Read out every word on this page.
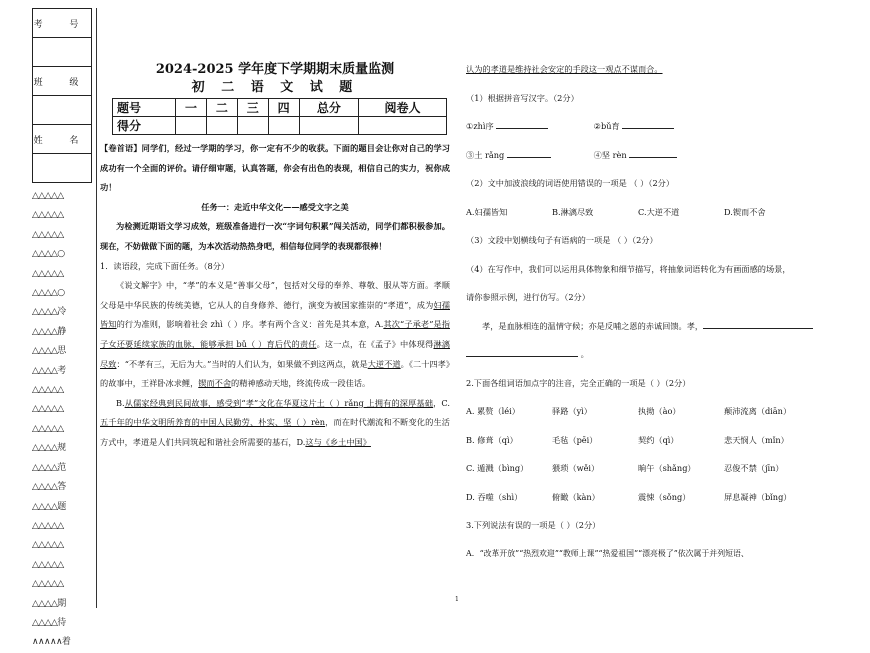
考 号

班 级

姓 名

△△△△△
△△△△△
△△△△△
△△△△○
△△△△△
△△△△○
△△△△冷
△△△△静
△△△△思
△△△△考
△△△△△
△△△△△
△△△△△
△△△△规
△△△△范
△△△△答
△△△△题
△△△△△
△△△△△
△△△△△
△△△△△
△△△△期
△△△△待
∧∧∧∧∧着
2024-2025 学年度下学期期末质量监测
初 二 语 文 试 题
题号	一	二	三	四	总分	阅卷人
得分						

【卷首语】同学们，经过一学期的学习，你一定有不少的收获。下面的题目会让你对自己的学习成功有一个全面的评价。请仔细审题，认真答题，你会有出色的表现，相信自己的实力，祝你成功！

任务一：走近中华文化——感受文字之美

为检测近期语文学习成效，班级准备进行一次“字词句积累”闯关活动，同学们都积极参加。现在，不妨做做下面的题，为本次活动热热身吧，相信每位同学的表现都很棒！

1．读语段，完成下面任务。（8分）

《说文解字》中，“孝”的本义是“善事父母”，包括对父母的奉养、尊敬、服从等方面。孝顺父母是中华民族的传统美德，它从人的自身修养、德行，演变为被国家推崇的“孝道”，成为妇孺皆知的行为准则，影响着社会 zhì（ ）序。孝有两个含义：首先是其本意，A.其次“子承老”是指子女还要延续家族的血脉，能够承担 bǔ（ ）育后代的责任。这一点，在《孟子》中体现得淋漓尽致：“不孝有三，无后为大。”当时的人们认为，如果做不到这两点，就是大逆不道。《二十四孝》的故事中，王祥卧冰求鲤，锲而不舍的精神感动天地，终流传成一段佳话。

B.从儒家经典到民间故事，感受到“孝”文化在华夏这片土（ ）rǎng 上拥有的深厚基础，C.五千年的中华文明所养育的中国人民勤劳、朴实、坚（ ）rèn，而在时代潮流和不断变化的生活方式中，孝道是人们共同筑起和谐社会所需要的基石，D.这与《乡土中国》

认为的孝道是维持社会安定的手段这一观点不谋而合。

（1）根据拼音写汉字。（2分）

①zhì序	②bǔ育

③土 rǎng	④坚 rèn

（2）文中加波浪线的词语使用错误的一项是 （ ）（2分）

A.妇孺皆知	B.淋漓尽致	C.大逆不道	D.锲而不舍

（3）文段中划横线句子有语病的一项是 （ ）（2分）

（4）在写作中，我们可以运用具体物象和细节描写，将抽象词语转化为有画面感的场景，

请你参照示例，进行仿写。（2分）

孝，是血脉相连的温情守候；亦是反哺之恩的赤诚回馈。孝，

。

2.下面各组词语加点字的注音，完全正确的一项是（ ）（2分）

A. 累赘（léi）	驿路（yì）	执拗（ào）	颠沛流离（diān）

B. 修葺（qì）	毛毡（pēi）	契约（qì）	悲天悯人（mǐn）

C. 遁溅（bìng）	猥琐（wěi）	晌午（shǎng）	忍俊不禁（jīn）

D. 吞噬（shì）	俯瞰（kàn）	震悚（sǒng）	屏息凝神（bǐng）

3.下列说法有误的一项是（ ）（2分）

A．“改革开放”“热烈欢迎”“教师上课”“热爱祖国”“漂亮极了”依次属于并列短语、

1
